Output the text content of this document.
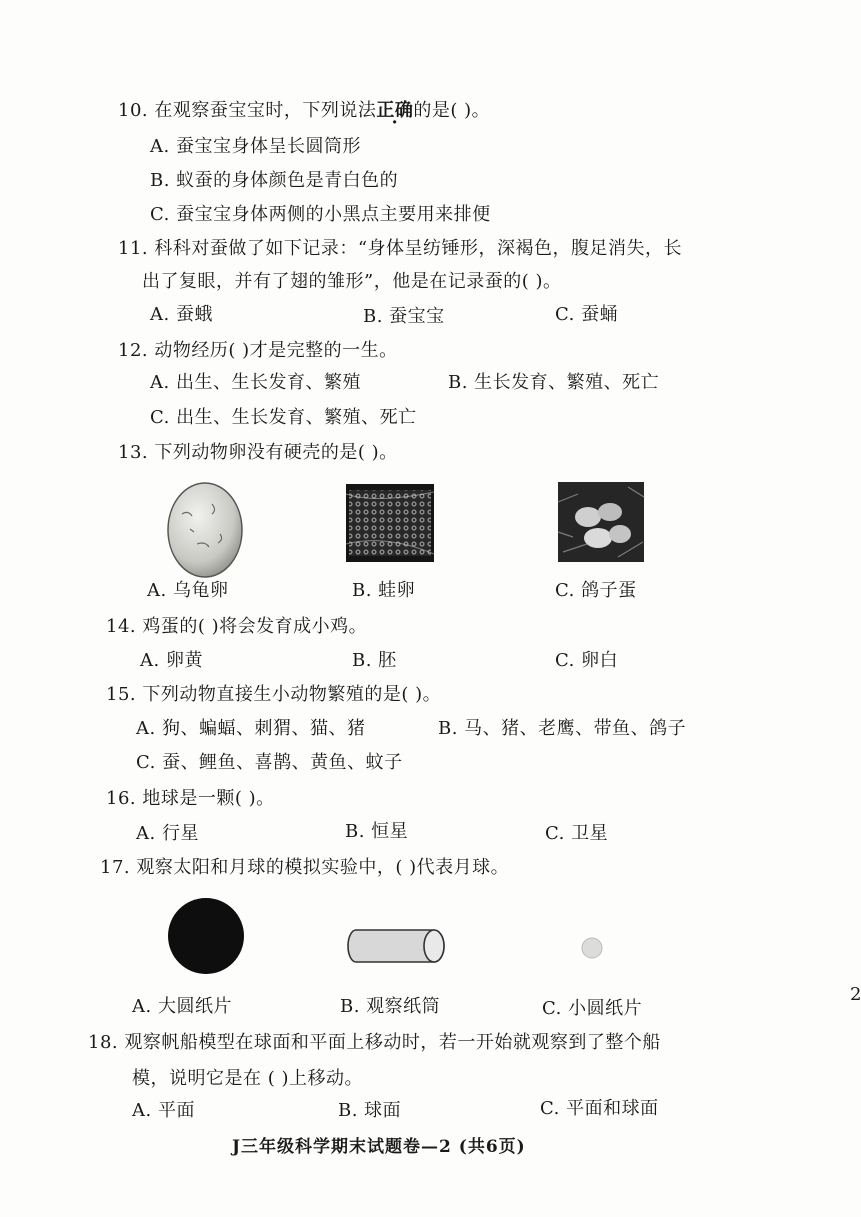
10. 在观察蚕宝宝时，下列说法正确的是( )。
A. 蚕宝宝身体呈长圆筒形
B. 蚁蚕的身体颜色是青白色的
C. 蚕宝宝身体两侧的小黑点主要用来排便
11. 科科对蚕做了如下记录：“身体呈纺锤形，深褐色，腹足消失，长
出了复眼，并有了翅的雏形”，他是在记录蚕的( )。
A. 蚕蛾	B. 蚕宝宝	C. 蚕蛹
12. 动物经历( )才是完整的一生。
A. 出生、生长发育、繁殖	B. 生长发育、繁殖、死亡
C. 出生、生长发育、繁殖、死亡
13. 下列动物卵没有硬壳的是( )。
A. 乌龟卵	B. 蛙卵	C. 鸽子蛋
14. 鸡蛋的( )将会发育成小鸡。
A. 卵黄	B. 胚	C. 卵白
15. 下列动物直接生小动物繁殖的是( )。
A. 狗、蝙蝠、刺猬、猫、猪	B. 马、猪、老鹰、带鱼、鸽子
C. 蚕、鲤鱼、喜鹊、黄鱼、蚊子
16. 地球是一颗( )。
A. 行星	B. 恒星	C. 卫星
17. 观察太阳和月球的模拟实验中，( )代表月球。
A. 大圆纸片	B. 观察纸筒	C. 小圆纸片
18. 观察帆船模型在球面和平面上移动时，若一开始就观察到了整个船
模，说明它是在 ( )上移动。
A. 平面	B. 球面	C. 平面和球面
J三年级科学期末试题卷—2 (共6页)
2
